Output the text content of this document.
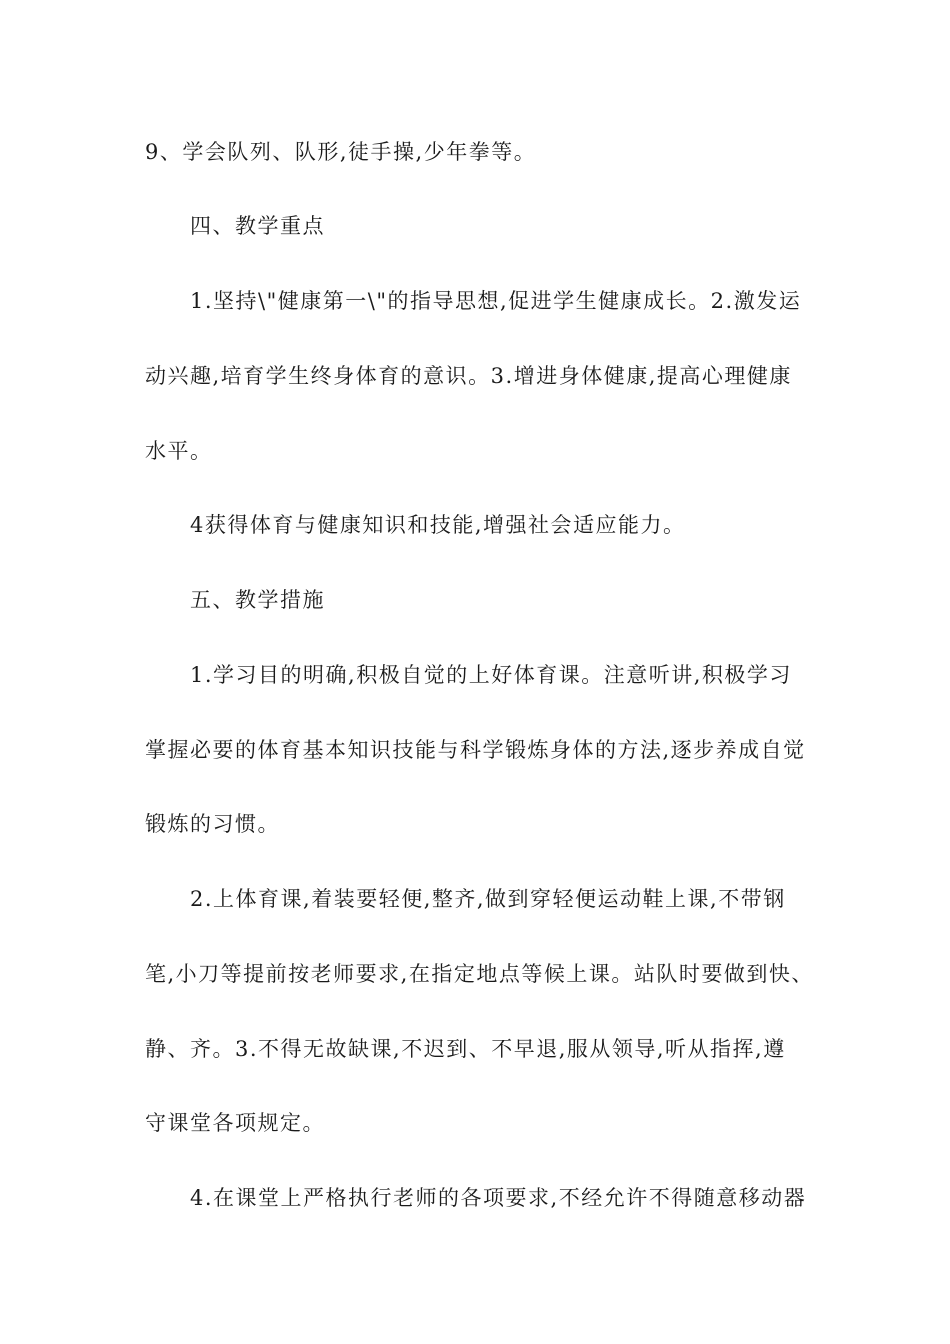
9、学会队列、队形,徒手操,少年拳等。
四、教学重点
1.坚持\"健康第一\"的指导思想,促进学生健康成长。2.激发运
动兴趣,培育学生终身体育的意识。3.增进身体健康,提高心理健康
水平。
4获得体育与健康知识和技能,增强社会适应能力。
五、教学措施
1.学习目的明确,积极自觉的上好体育课。注意听讲,积极学习
掌握必要的体育基本知识技能与科学锻炼身体的方法,逐步养成自觉
锻炼的习惯。
2.上体育课,着装要轻便,整齐,做到穿轻便运动鞋上课,不带钢
笔,小刀等提前按老师要求,在指定地点等候上课。站队时要做到快、
静、齐。3.不得无故缺课,不迟到、不早退,服从领导,听从指挥,遵
守课堂各项规定。
4.在课堂上严格执行老师的各项要求,不经允许不得随意移动器
